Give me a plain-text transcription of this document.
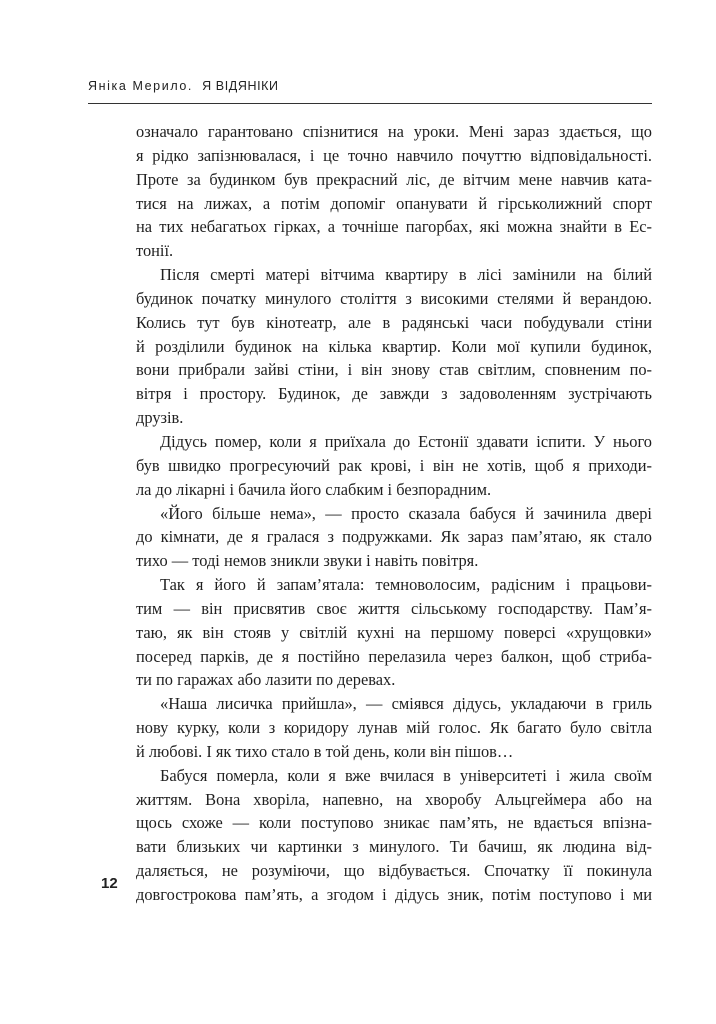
Яніка Мерило. Я ВІДЯНІКИ
означало гарантовано спізнитися на уроки. Мені зараз здається, що
я рідко запізнювалася, і це точно навчило почуттю відповідальності.
Проте за будинком був прекрасний ліс, де вітчим мене навчив ката-
тися на лижах, а потім допоміг опанувати й гірськолижний спорт
на тих небагатьох гірках, а точніше пагорбах, які можна знайти в Ес-
тонії.
Після смерті матері вітчима квартиру в лісі замінили на білий
будинок початку минулого століття з високими стелями й верандою.
Колись тут був кінотеатр, але в радянські часи побудували стіни
й розділили будинок на кілька квартир. Коли мої купили будинок,
вони прибрали зайві стіни, і він знову став світлим, сповненим по-
вітря і простору. Будинок, де завжди з задоволенням зустрічають
друзів.
Дідусь помер, коли я приїхала до Естонії здавати іспити. У нього
був швидко прогресуючий рак крові, і він не хотів, щоб я приходи-
ла до лікарні і бачила його слабким і безпорадним.
«Його більше нема», — просто сказала бабуся й зачинила двері
до кімнати, де я гралася з подружками. Як зараз пам’ятаю, як стало
тихо — тоді немов зникли звуки і навіть повітря.
Так я його й запам’ятала: темноволосим, радісним і працьови-
тим — він присвятив своє життя сільському господарству. Пам’я-
таю, як він стояв у світлій кухні на першому поверсі «хрущовки»
посеред парків, де я постійно перелазила через балкон, щоб стриба-
ти по гаражах або лазити по деревах.
«Наша лисичка прийшла», — сміявся дідусь, укладаючи в гриль
нову курку, коли з коридору лунав мій голос. Як багато було світла
й любові. І як тихо стало в той день, коли він пішов…
Бабуся померла, коли я вже вчилася в університеті і жила своїм
життям. Вона хворіла, напевно, на хворобу Альцгеймера або на
щось схоже — коли поступово зникає пам’ять, не вдається впізна-
вати близьких чи картинки з минулого. Ти бачиш, як людина від-
даляється, не розуміючи, що відбувається. Спочатку її покинула
довгострокова пам’ять, а згодом і дідусь зник, потім поступово і ми
12
